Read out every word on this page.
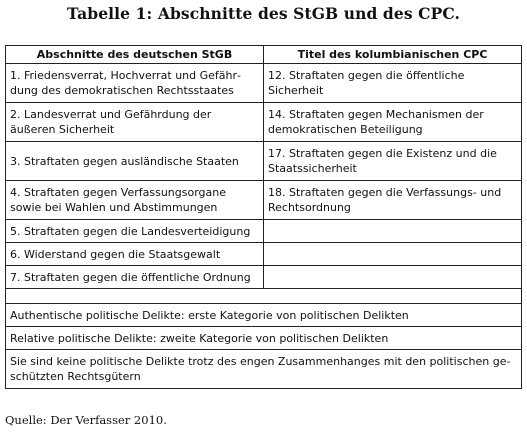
Tabelle 1: Abschnitte des StGB und des CPC.
Abschnitte des deutschen StGB	Titel des kolumbianischen CPC
1. Friedensverrat, Hochverrat und Gefährdung des demokratischen Rechtsstaates	12. Straftaten gegen die öffentliche Sicherheit
2. Landesverrat und Gefährdung der äußeren Sicherheit	14. Straftaten gegen Mechanismen der demokratischen Beteiligung
3. Straftaten gegen ausländische Staaten	17. Straftaten gegen die Existenz und die Staatssicherheit
4. Straftaten gegen Verfassungsorgane sowie bei Wahlen und Abstimmungen	18. Straftaten gegen die Verfassungs- und Rechtsordnung
5. Straftaten gegen die Landesverteidigung	
6. Widerstand gegen die Staatsgewalt	
7. Straftaten gegen die öffentliche Ordnung	

Authentische politische Delikte: erste Kategorie von politischen Delikten	
Relative politische Delikte: zweite Kategorie von politischen Delikten	
Sie sind keine politische Delikte trotz des engen Zusammenhanges mit den politischen geschützten Rechtsgütern	
Quelle: Der Verfasser 2010.
